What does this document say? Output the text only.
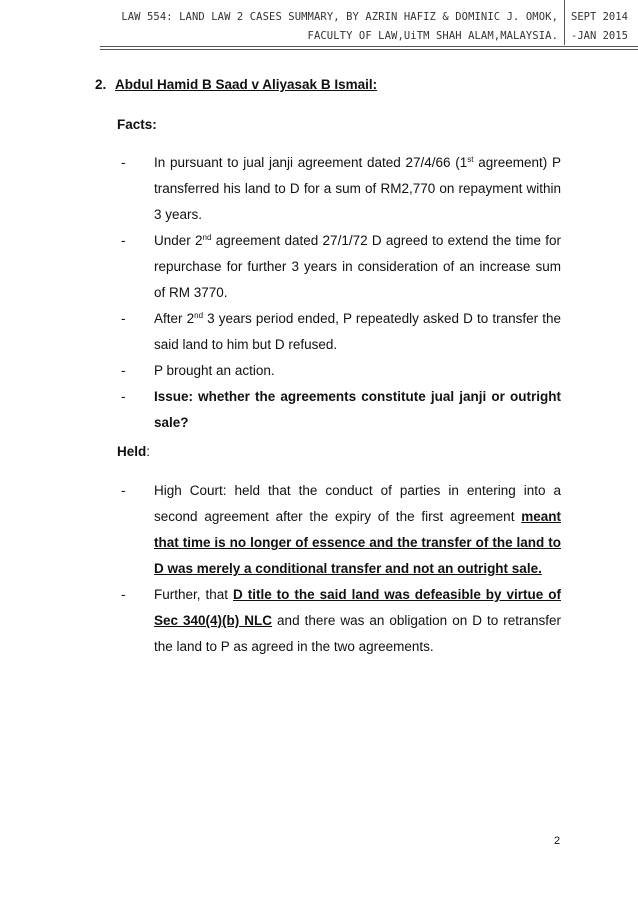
LAW 554: LAND LAW 2 CASES SUMMARY, BY AZRIN HAFIZ & DOMINIC J. OMOK,
FACULTY OF LAW,UiTM SHAH ALAM,MALAYSIA.
SEPT 2014
-JAN 2015
2. Abdul Hamid B Saad v Aliyasak B Ismail:
Facts:
- In pursuant to jual janji agreement dated 27/4/66 (1st agreement) P transferred his land to D for a sum of RM2,770 on repayment within 3 years.
- Under 2nd agreement dated 27/1/72 D agreed to extend the time for repurchase for further 3 years in consideration of an increase sum of RM 3770.
- After 2nd 3 years period ended, P repeatedly asked D to transfer the said land to him but D refused.
- P brought an action.
- Issue: whether the agreements constitute jual janji or outright sale?
Held:
- High Court: held that the conduct of parties in entering into a second agreement after the expiry of the first agreement meant that time is no longer of essence and the transfer of the land to D was merely a conditional transfer and not an outright sale.
- Further, that D title to the said land was defeasible by virtue of Sec 340(4)(b) NLC and there was an obligation on D to retransfer the land to P as agreed in the two agreements.
2
